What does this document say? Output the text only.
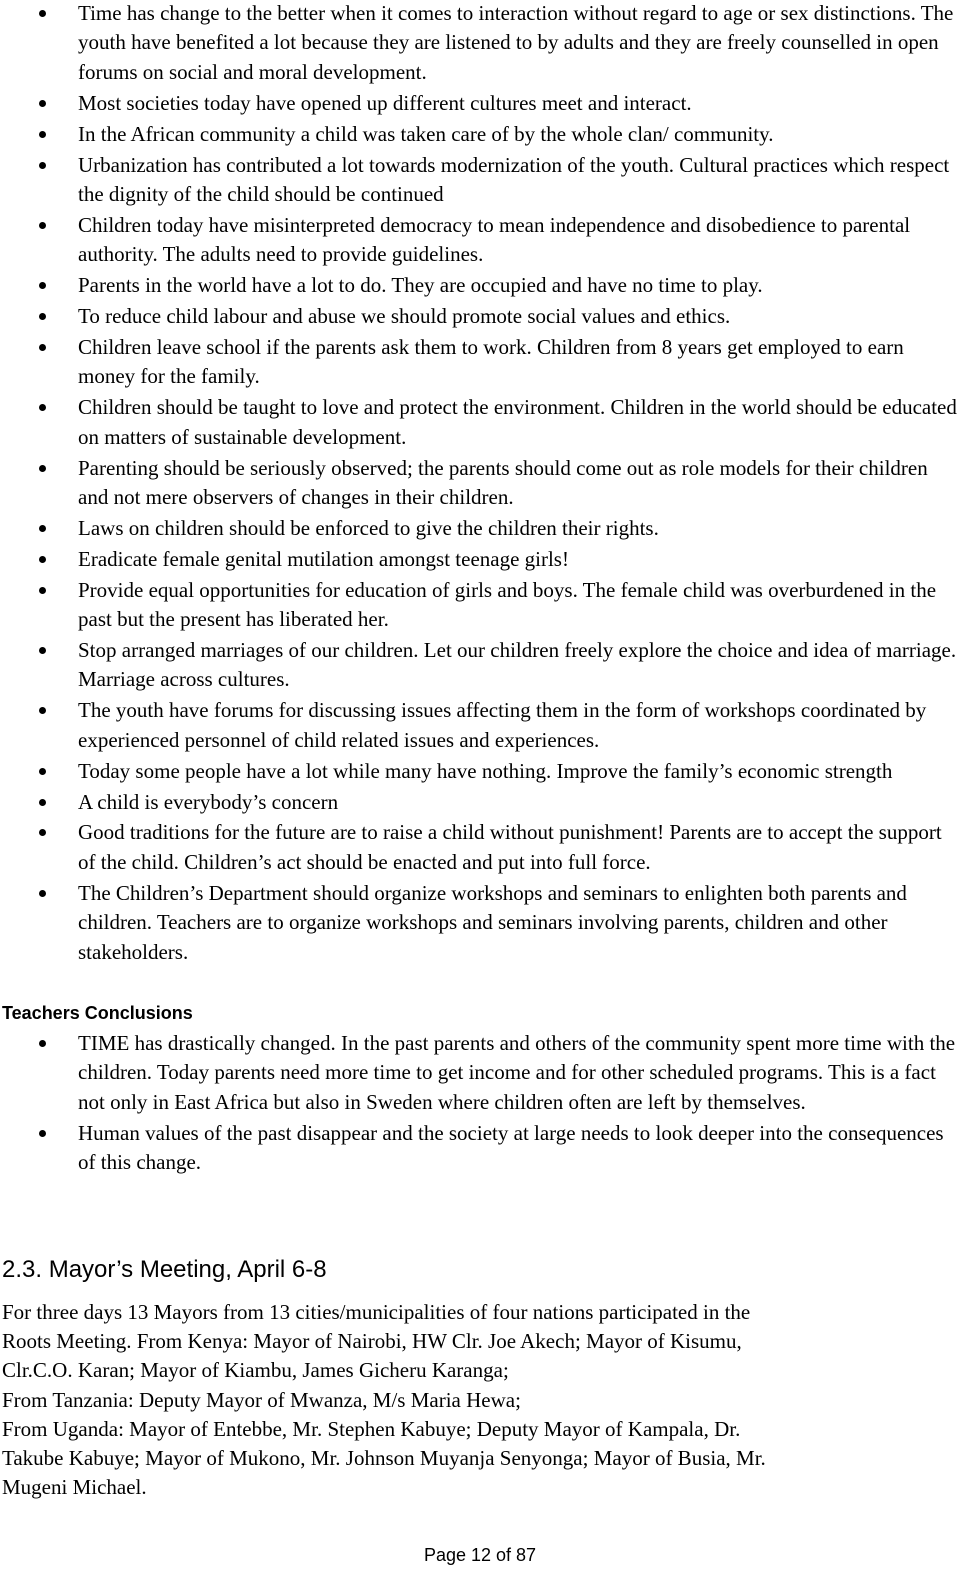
Time has change to the better when it comes to interaction without regard to age or sex distinctions. The youth have benefited a lot because they are listened to by adults and they are freely counselled in open forums on social and moral development.
Most societies today have opened up different cultures meet and interact.
In the African community a child was taken care of by the whole clan/ community.
Urbanization has contributed a lot towards modernization of the youth. Cultural practices which respect the dignity of the child should be continued
Children today have misinterpreted democracy to mean independence and disobedience to parental authority. The adults need to provide guidelines.
Parents in the world have a lot to do. They are occupied and have no time to play.
To reduce child labour and abuse we should promote social values and ethics.
Children leave school if the parents ask them to work. Children from 8 years get employed to earn money for the family.
Children should be taught to love and protect the environment. Children in the world should be educated on matters of sustainable development.
Parenting should be seriously observed; the parents should come out as role models for their children and not mere observers of changes in their children.
Laws on children should be enforced to give the children their rights.
Eradicate female genital mutilation amongst teenage girls!
Provide equal opportunities for education of girls and boys. The female child was overburdened in the past but the present has liberated her.
Stop arranged marriages of our children. Let our children freely explore the choice and idea of marriage. Marriage across cultures.
The youth have forums for discussing issues affecting them in the form of workshops coordinated by experienced personnel of child related issues and experiences.
Today some people have a lot while many have nothing. Improve the family’s economic strength
A child is everybody’s concern
Good traditions for the future are to raise a child without punishment! Parents are to accept the support of the child. Children’s act should be enacted and put into full force.
The Children’s Department should organize workshops and seminars to enlighten both parents and children. Teachers are to organize workshops and seminars involving parents, children and other stakeholders.
Teachers Conclusions
TIME has drastically changed. In the past parents and others of the community spent more time with the children. Today parents need more time to get income and for other scheduled programs. This is a fact not only in East Africa but also in Sweden where children often are left by themselves.
Human values of the past disappear and the society at large needs to look deeper into the consequences of this change.
2.3. Mayor’s Meeting, April 6-8

For three days 13 Mayors from 13 cities/municipalities of four nations participated in the
Roots Meeting. From Kenya: Mayor of Nairobi, HW Clr. Joe Akech; Mayor of Kisumu,
Clr.C.O. Karan; Mayor of Kiambu, James Gicheru Karanga;
From Tanzania: Deputy Mayor of Mwanza, M/s Maria Hewa;
From Uganda: Mayor of Entebbe, Mr. Stephen Kabuye; Deputy Mayor of Kampala, Dr.
Takube Kabuye; Mayor of Mukono, Mr. Johnson Muyanja Senyonga; Mayor of Busia, Mr.
Mugeni Michael.

Page 12 of 87
